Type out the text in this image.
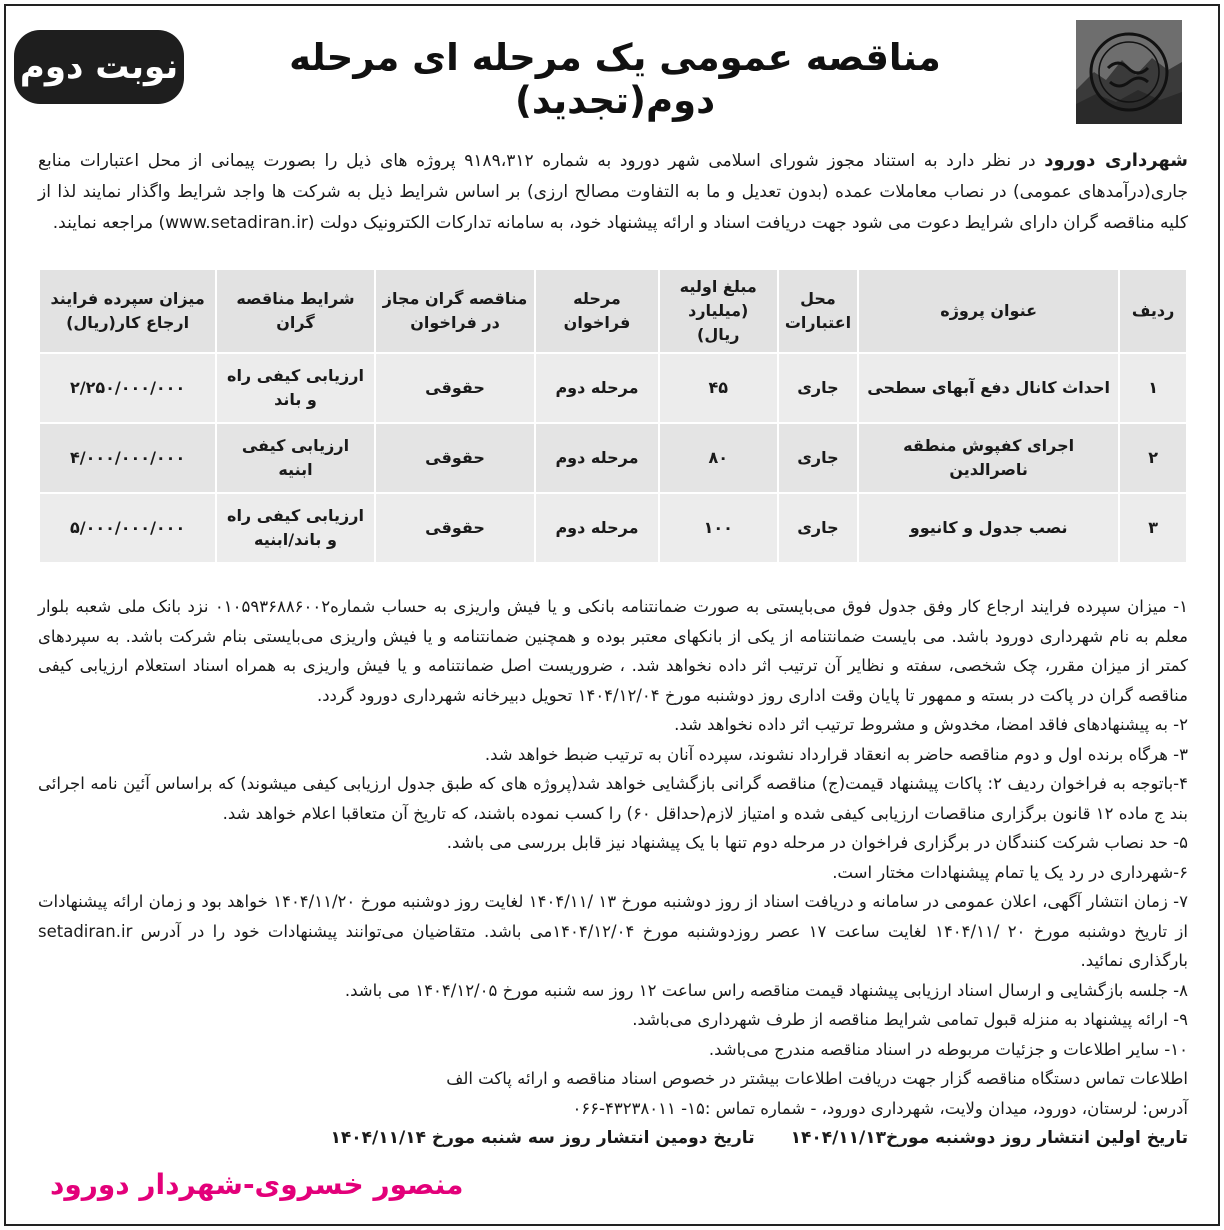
مناقصه عمومی یک مرحله ای مرحله دوم(تجدید)
نوبت دوم
شهرداری دورود در نظر دارد به استناد مجوز شورای اسلامی شهر دورود به شماره ۹۱۸۹،۳۱۲ پروژه های ذیل را بصورت پیمانی از محل اعتبارات منابع جاری(درآمدهای عمومی) در نصاب معاملات عمده (بدون تعدیل و ما به التفاوت مصالح ارزی) بر اساس شرایط ذیل به شرکت ها واجد شرایط واگذار نمایند لذا از کلیه مناقصه گران دارای شرایط دعوت می شود جهت دریافت اسناد و ارائه پیشنهاد خود، به سامانه تدارکات الکترونیک دولت (www.setadiran.ir) مراجعه نمایند.
ردیف	عنوان پروژه	محل اعتبارات	مبلغ اولیه (میلیارد ریال)	مرحله فراخوان	مناقصه گران مجاز در فراخوان	شرایط مناقصه گران	میزان سپرده فرایند ارجاع کار(ریال)
۱	احداث کانال دفع آبهای سطحی	جاری	۴۵	مرحله دوم	حقوقی	ارزیابی کیفی راه و باند	۲/۲۵۰/۰۰۰/۰۰۰
۲	اجرای کفپوش منطقه ناصرالدین	جاری	۸۰	مرحله دوم	حقوقی	ارزیابی کیفی ابنیه	۴/۰۰۰/۰۰۰/۰۰۰
۳	نصب جدول و کانیوو	جاری	۱۰۰	مرحله دوم	حقوقی	ارزیابی کیفی راه و باند/ابنیه	۵/۰۰۰/۰۰۰/۰۰۰

۱- میزان سپرده فرایند ارجاع کار وفق جدول فوق می‌بایستی به صورت ضمانتنامه بانکی و یا فیش واریزی به حساب شماره۰۱۰۵۹۳۶۸۸۶۰۰۲ نزد بانک ملی شعبه بلوار معلم به نام شهرداری دورود باشد. می بایست ضمانتنامه از یکی از بانکهای معتبر بوده و همچنین ضمانتنامه و یا فیش واریزی می‌بایستی بنام شرکت باشد. به سپردهای کمتر از میزان مقرر، چک شخصی، سفته و نظایر آن ترتیب اثر داده نخواهد شد. ، ضروریست اصل ضمانتنامه و یا فیش واریزی به همراه اسناد استعلام ارزیابی کیفی مناقصه گران در پاکت در بسته و ممهور تا پایان وقت اداری روز دوشنبه مورخ ۱۴۰۴/۱۲/۰۴ تحویل دبیرخانه شهرداری دورود گردد.

۲- به پیشنهادهای فاقد امضا، مخدوش و مشروط ترتیب اثر داده نخواهد شد.

۳- هرگاه برنده اول و دوم مناقصه حاضر به انعقاد قرارداد نشوند، سپرده آنان به ترتیب ضبط خواهد شد.

۴-باتوجه به فراخوان ردیف ۲: پاکات پیشنهاد قیمت(ج) مناقصه گرانی بازگشایی خواهد شد(پروژه های که طبق جدول ارزیابی کیفی میشوند) که براساس آئین نامه اجرائی بند ج ماده ۱۲ قانون برگزاری مناقصات ارزیابی کیفی شده و امتیاز لازم(حداقل ۶۰) را کسب نموده باشند، که تاریخ آن متعاقبا اعلام خواهد شد.

۵- حد نصاب شرکت کنندگان در برگزاری فراخوان در مرحله دوم تنها با یک پیشنهاد نیز قابل بررسی می باشد.

۶-شهرداری در رد یک یا تمام پیشنهادات مختار است.

۷- زمان انتشار آگهی، اعلان عمومی در سامانه و دریافت اسناد از روز دوشنبه مورخ ۱۳ /۱۴۰۴/۱۱ لغایت روز دوشنبه مورخ ۱۴۰۴/۱۱/۲۰ خواهد بود و زمان ارائه پیشنهادات از تاریخ دوشنبه مورخ ۲۰ /۱۴۰۴/۱۱ لغایت ساعت ۱۷ عصر روزدوشنبه مورخ ۱۴۰۴/۱۲/۰۴می باشد. متقاضیان می‌توانند پیشنهادات خود را در آدرس setadiran.ir بارگذاری نمائید.

۸- جلسه بازگشایی و ارسال اسناد ارزیابی پیشنهاد قیمت مناقصه راس ساعت ۱۲ روز سه شنبه مورخ ۱۴۰۴/۱۲/۰۵ می باشد.

۹- ارائه پیشنهاد به منزله قبول تمامی شرایط مناقصه از طرف شهرداری می‌باشد.

۱۰- سایر اطلاعات و جزئیات مربوطه در اسناد مناقصه مندرج می‌باشد.

اطلاعات تماس دستگاه مناقصه گزار جهت دریافت اطلاعات بیشتر در خصوص اسناد مناقصه و ارائه پاکت الف

آدرس: لرستان، دورود، میدان ولایت، شهرداری دورود، - شماره تماس :۱۵- ۴۳۲۳۸۰۱۱-۰۶۶

تاریخ اولین انتشار روز دوشنبه مورخ۱۴۰۴/۱۱/۱۳
تاریخ دومین انتشار روز سه شنبه مورخ ۱۴۰۴/۱۱/۱۴
منصور خسروی-شهردار دورود
